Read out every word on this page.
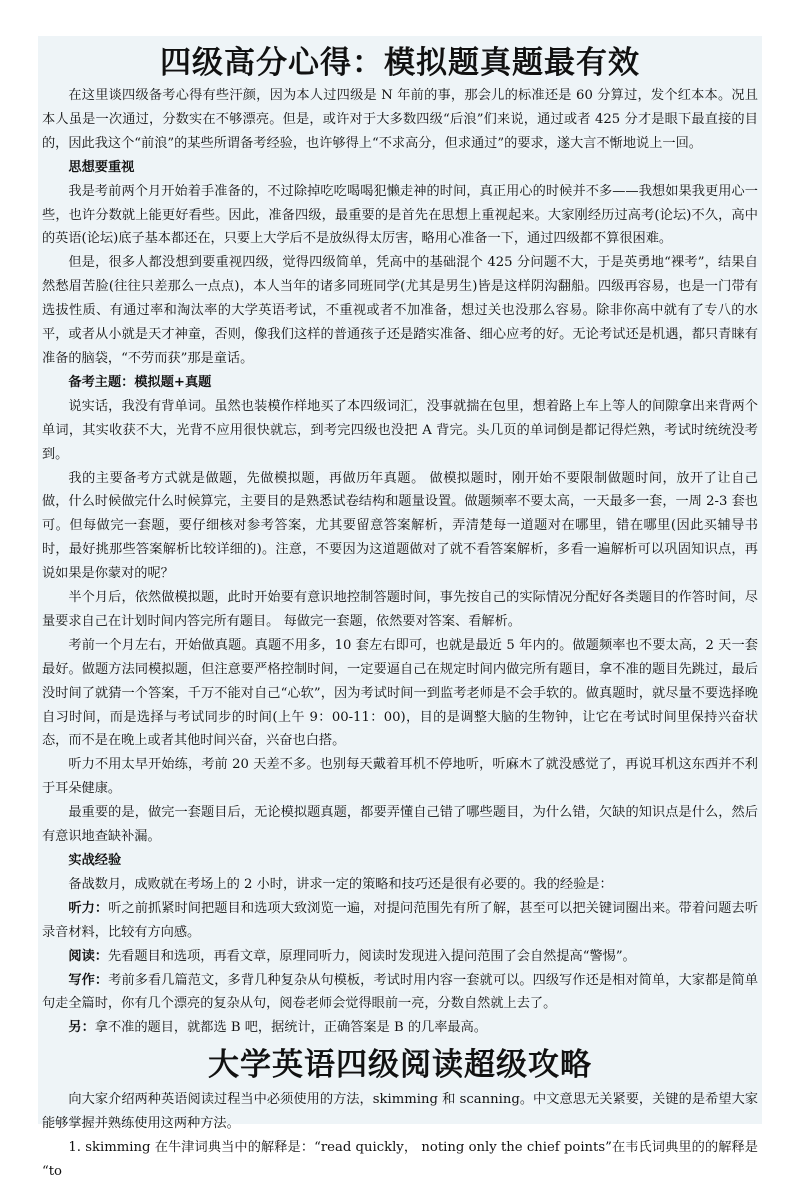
四级高分心得：模拟题真题最有效

在这里谈四级备考心得有些汗颜，因为本人过四级是 N 年前的事，那会儿的标准还是 60 分算过，发个红本本。况且本人虽是一次通过，分数实在不够漂亮。但是，或许对于大多数四级“后浪”们来说，通过或者 425 分才是眼下最直接的目的，因此我这个“前浪”的某些所谓备考经验，也许够得上“不求高分，但求通过”的要求，遂大言不惭地说上一回。

思想要重视

我是考前两个月开始着手准备的，不过除掉吃吃喝喝犯懒走神的时间，真正用心的时候并不多——我想如果我更用心一些，也许分数就上能更好看些。因此，准备四级，最重要的是首先在思想上重视起来。大家刚经历过高考(论坛)不久，高中的英语(论坛)底子基本都还在，只要上大学后不是放纵得太厉害，略用心准备一下，通过四级都不算很困难。

但是，很多人都没想到要重视四级，觉得四级简单，凭高中的基础混个 425 分问题不大，于是英勇地“裸考”，结果自然愁眉苦脸(往往只差那么一点点)，本人当年的诸多同班同学(尤其是男生)皆是这样阴沟翻船。四级再容易，也是一门带有选拔性质、有通过率和淘汰率的大学英语考试，不重视或者不加准备，想过关也没那么容易。除非你高中就有了专八的水平，或者从小就是天才神童，否则，像我们这样的普通孩子还是踏实准备、细心应考的好。无论考试还是机遇，都只青睐有准备的脑袋，“不劳而获”那是童话。

备考主题：模拟题+真题

说实话，我没有背单词。虽然也装模作样地买了本四级词汇，没事就揣在包里，想着路上车上等人的间隙拿出来背两个单词，其实收获不大，光背不应用很快就忘，到考完四级也没把 A 背完。头几页的单词倒是都记得烂熟，考试时统统没考到。

我的主要备考方式就是做题，先做模拟题，再做历年真题。 做模拟题时，刚开始不要限制做题时间，放开了让自己做，什么时候做完什么时候算完，主要目的是熟悉试卷结构和题量设置。做题频率不要太高，一天最多一套，一周 2-3 套也可。但每做完一套题，要仔细核对参考答案，尤其要留意答案解析，弄清楚每一道题对在哪里，错在哪里(因此买辅导书时，最好挑那些答案解析比较详细的)。注意，不要因为这道题做对了就不看答案解析，多看一遍解析可以巩固知识点，再说如果是你蒙对的呢？

半个月后，依然做模拟题，此时开始要有意识地控制答题时间，事先按自己的实际情况分配好各类题目的作答时间，尽量要求自己在计划时间内答完所有题目。 每做完一套题，依然要对答案、看解析。

考前一个月左右，开始做真题。真题不用多，10 套左右即可，也就是最近 5 年内的。做题频率也不要太高，2 天一套最好。做题方法同模拟题，但注意要严格控制时间，一定要逼自己在规定时间内做完所有题目，拿不准的题目先跳过，最后没时间了就猜一个答案，千万不能对自己“心软”，因为考试时间一到监考老师是不会手软的。做真题时，就尽量不要选择晚自习时间，而是选择与考试同步的时间(上午 9：00-11：00)，目的是调整大脑的生物钟，让它在考试时间里保持兴奋状态，而不是在晚上或者其他时间兴奋，兴奋也白搭。

听力不用太早开始练，考前 20 天差不多。也别每天戴着耳机不停地听，听麻木了就没感觉了，再说耳机这东西并不利于耳朵健康。

最重要的是，做完一套题目后，无论模拟题真题，都要弄懂自己错了哪些题目，为什么错，欠缺的知识点是什么，然后有意识地查缺补漏。

实战经验

备战数月，成败就在考场上的 2 小时，讲求一定的策略和技巧还是很有必要的。我的经验是：

听力：听之前抓紧时间把题目和选项大致浏览一遍，对提问范围先有所了解，甚至可以把关键词圈出来。带着问题去听录音材料，比较有方向感。

阅读：先看题目和选项，再看文章，原理同听力，阅读时发现进入提问范围了会自然提高“警惕”。

写作：考前多看几篇范文，多背几种复杂从句模板，考试时用内容一套就可以。四级写作还是相对简单，大家都是简单句走全篇时，你有几个漂亮的复杂从句，阅卷老师会觉得眼前一亮，分数自然就上去了。

另：拿不准的题目，就都选 B 吧，据统计，正确答案是 B 的几率最高。

大学英语四级阅读超级攻略

向大家介绍两种英语阅读过程当中必须使用的方法，skimming 和 scanning。中文意思无关紧要，关键的是希望大家能够掌握并熟练使用这两种方法。

1. skimming 在牛津词典当中的解释是：“read quickly， noting only the chief points”在韦氏词典里的的解释是 “to
